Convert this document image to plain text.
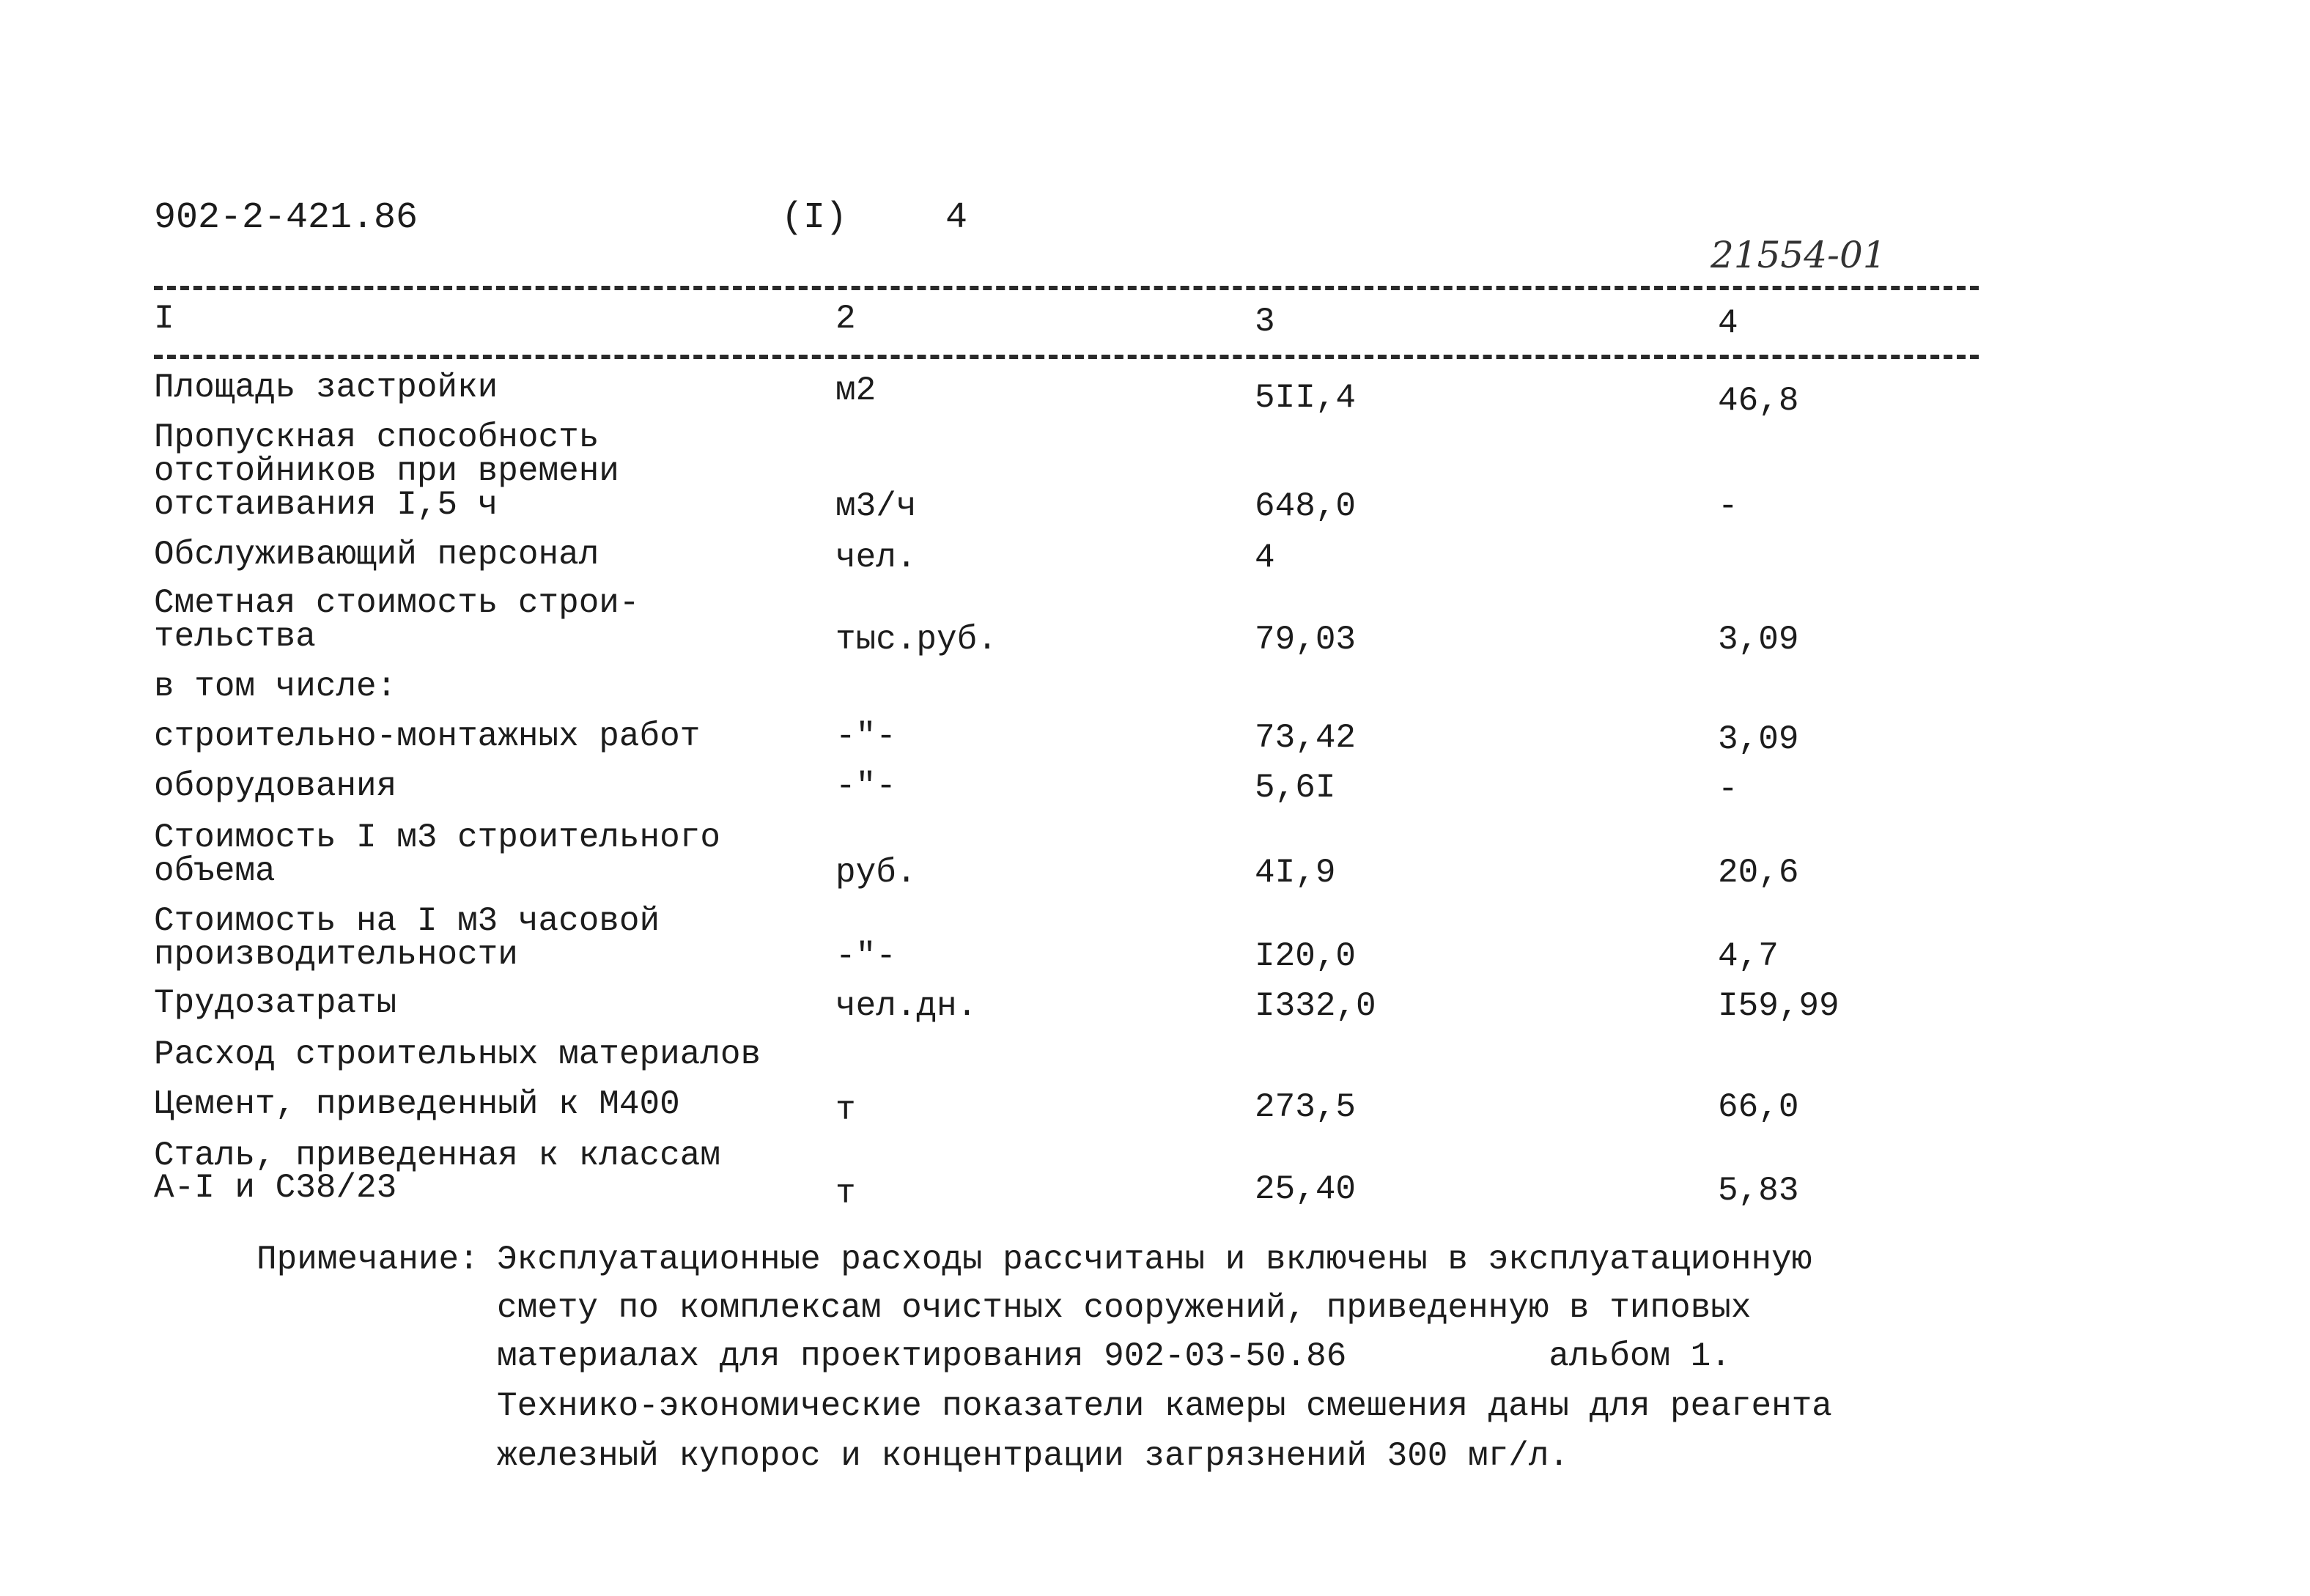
902-2-421.86	(I)	4
21554-01
I	2	3	4
Площадь застройки	м2	5II,4	46,8
Пропускная способность
отстойников при времени
отстаивания I,5 ч	м3/ч	648,0	-
Обслуживающий персонал	чел.	4
Сметная стоимость строи-
тельства	тыс.руб.	79,03	3,09
в том числе:
строительно-монтажных работ	-"-	73,42	3,09
оборудования	-"-	5,6I	-
Стоимость I м3 строительного
объема	руб.	4I,9	20,6
Стоимость на I м3 часовой
производительности	-"-	I20,0	4,7
Трудозатраты	чел.дн.	I332,0	I59,99
Расход строительных материалов
Цемент, приведенный к М400	т	273,5	66,0
Сталь, приведенная к классам
А-I и С38/23	т	25,40	5,83
Примечание: Эксплуатационные расходы рассчитаны и включены в эксплуатационную
смету по комплексам очистных сооружений, приведенную в типовых
материалах для проектирования 902-03-50.86          альбом 1.
Технико-экономические показатели камеры смешения даны для реагента
железный купорос и концентрации загрязнений 300 мг/л.
